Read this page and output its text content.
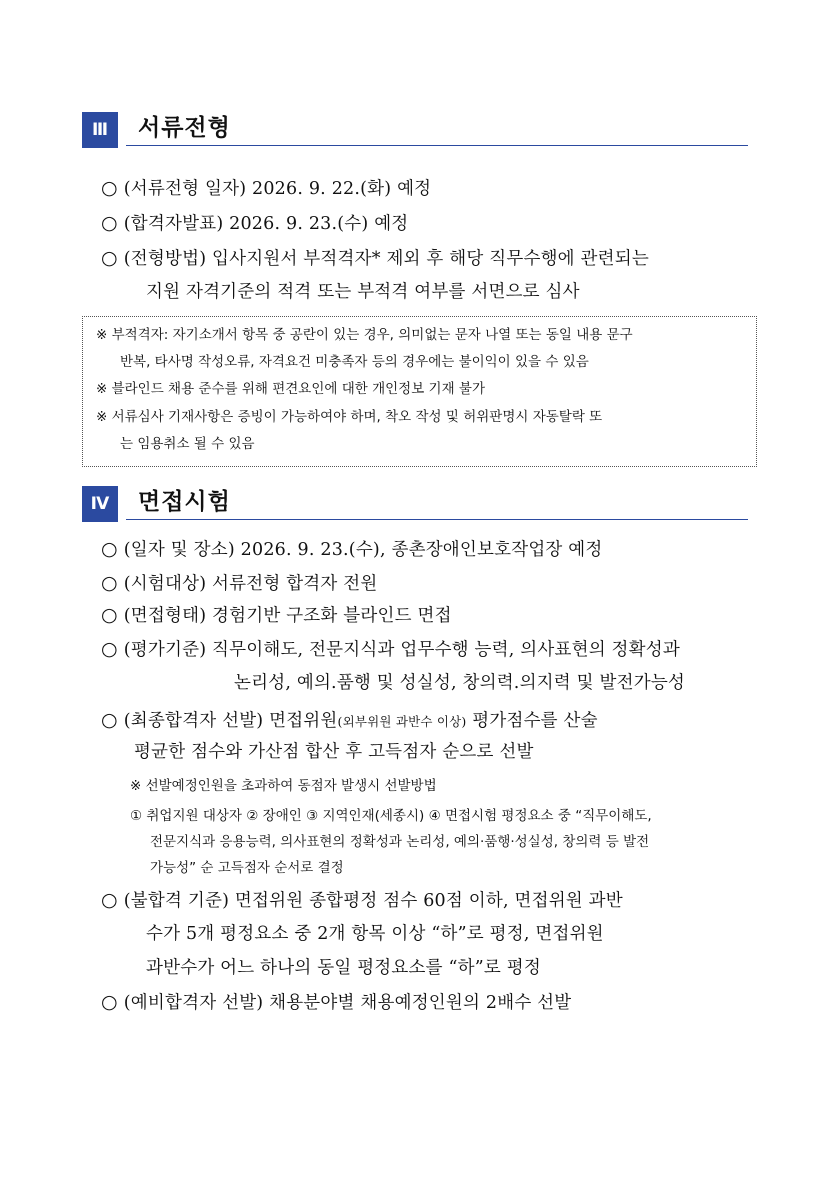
Ⅲ	서류전형
○ (서류전형 일자) 2026. 9. 22.(화) 예정
○ (합격자발표) 2026. 9. 23.(수) 예정
○ (전형방법) 입사지원서 부적격자* 제외 후 해당 직무수행에 관련되는
지원 자격기준의 적격 또는 부적격 여부를 서면으로 심사
※ 부적격자: 자기소개서 항목 중 공란이 있는 경우, 의미없는 문자 나열 또는 동일 내용 문구
반복, 타사명 작성오류, 자격요건 미충족자 등의 경우에는 불이익이 있을 수 있음
※ 블라인드 채용 준수를 위해 편견요인에 대한 개인정보 기재 불가
※ 서류심사 기재사항은 증빙이 가능하여야 하며, 착오 작성 및 허위판명시 자동탈락 또
는 임용취소 될 수 있음
Ⅳ	면접시험
○ (일자 및 장소) 2026. 9. 23.(수), 종촌장애인보호작업장 예정
○ (시험대상) 서류전형 합격자 전원
○ (면접형태) 경험기반 구조화 블라인드 면접
○ (평가기준) 직무이해도, 전문지식과 업무수행 능력, 의사표현의 정확성과
논리성, 예의.품행 및 성실성, 창의력.의지력 및 발전가능성
○ (최종합격자 선발) 면접위원(외부위원 과반수 이상) 평가점수를 산술
평균한 점수와 가산점 합산 후 고득점자 순으로 선발
※ 선발예정인원을 초과하여 동점자 발생시 선발방법
① 취업지원 대상자 ② 장애인 ③ 지역인재(세종시) ④ 면접시험 평정요소 중 “직무이해도,
전문지식과 응용능력, 의사표현의 정확성과 논리성, 예의·품행·성실성, 창의력 등 발전
가능성” 순 고득점자 순서로 결정
○ (불합격 기준) 면접위원 종합평정 점수 60점 이하, 면접위원 과반
수가 5개 평정요소 중 2개 항목 이상 “하”로 평정, 면접위원
과반수가 어느 하나의 동일 평정요소를 “하”로 평정
○ (예비합격자 선발) 채용분야별 채용예정인원의 2배수 선발
